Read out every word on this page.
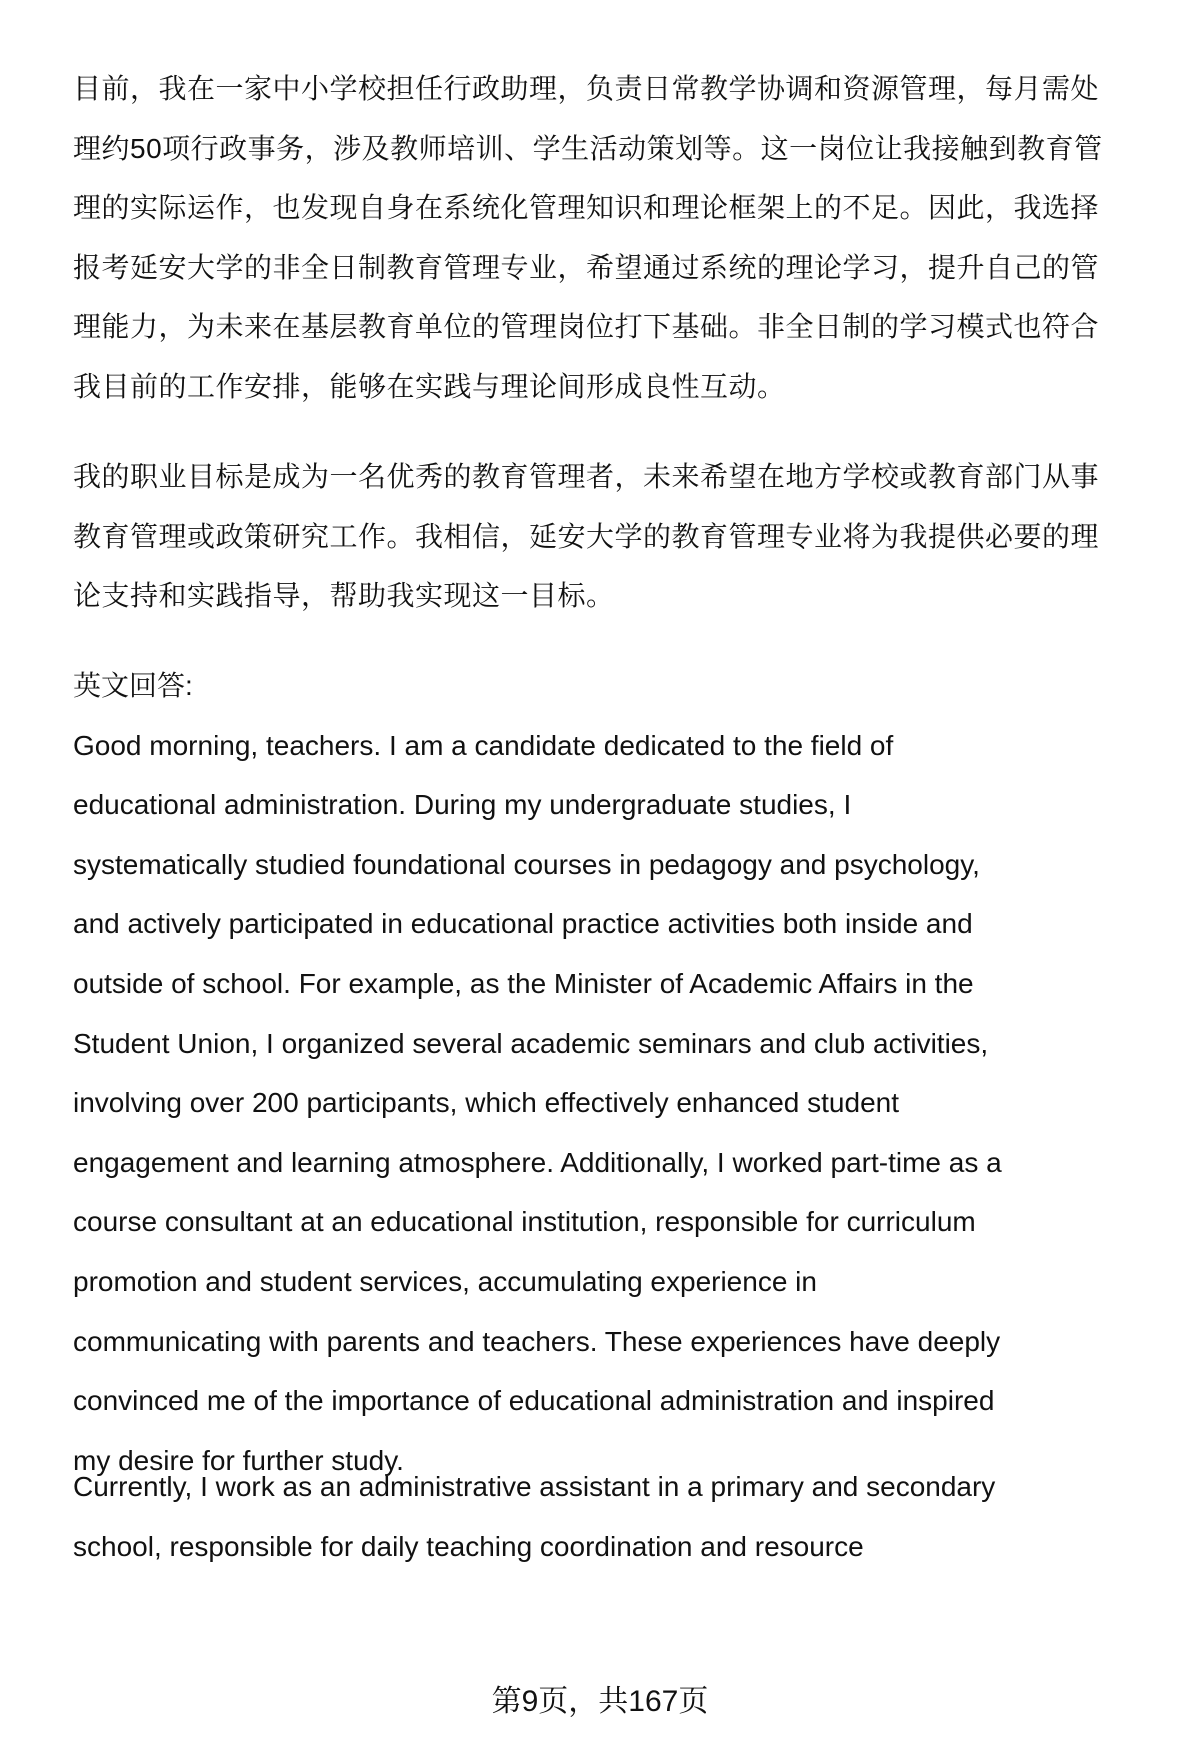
目前，我在一家中小学校担任行政助理，负责日常教学协调和资源管理，每月需处
理约50项行政事务，涉及教师培训、学生活动策划等。这一岗位让我接触到教育管
理的实际运作，也发现自身在系统化管理知识和理论框架上的不足。因此，我选择
报考延安大学的非全日制教育管理专业，希望通过系统的理论学习，提升自己的管
理能力，为未来在基层教育单位的管理岗位打下基础。非全日制的学习模式也符合
我目前的工作安排，能够在实践与理论间形成良性互动。
我的职业目标是成为一名优秀的教育管理者，未来希望在地方学校或教育部门从事
教育管理或政策研究工作。我相信，延安大学的教育管理专业将为我提供必要的理
论支持和实践指导，帮助我实现这一目标。
英文回答:
Good morning, teachers. I am a candidate dedicated to the field of
educational administration. During my undergraduate studies, I
systematically studied foundational courses in pedagogy and psychology,
and actively participated in educational practice activities both inside and
outside of school. For example, as the Minister of Academic Affairs in the
Student Union, I organized several academic seminars and club activities,
involving over 200 participants, which effectively enhanced student
engagement and learning atmosphere. Additionally, I worked part-time as a
course consultant at an educational institution, responsible for curriculum
promotion and student services, accumulating experience in
communicating with parents and teachers. These experiences have deeply
convinced me of the importance of educational administration and inspired
my desire for further study.
Currently, I work as an administrative assistant in a primary and secondary
school, responsible for daily teaching coordination and resource
第9页，共167页
